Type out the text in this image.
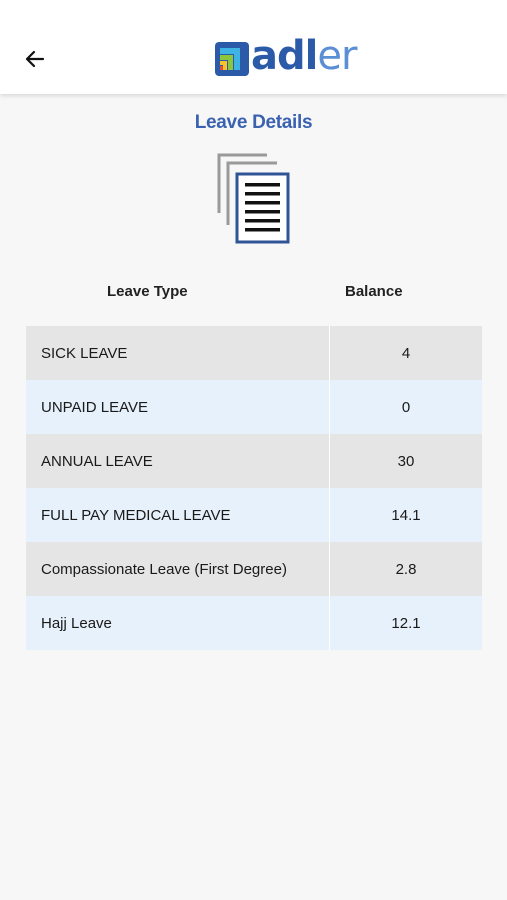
adler
Leave Details
Leave Type	Balance
SICK LEAVE	4
UNPAID LEAVE	0
ANNUAL LEAVE	30
FULL PAY MEDICAL LEAVE	14.1
Compassionate Leave (First Degree)	2.8
Hajj Leave	12.1
